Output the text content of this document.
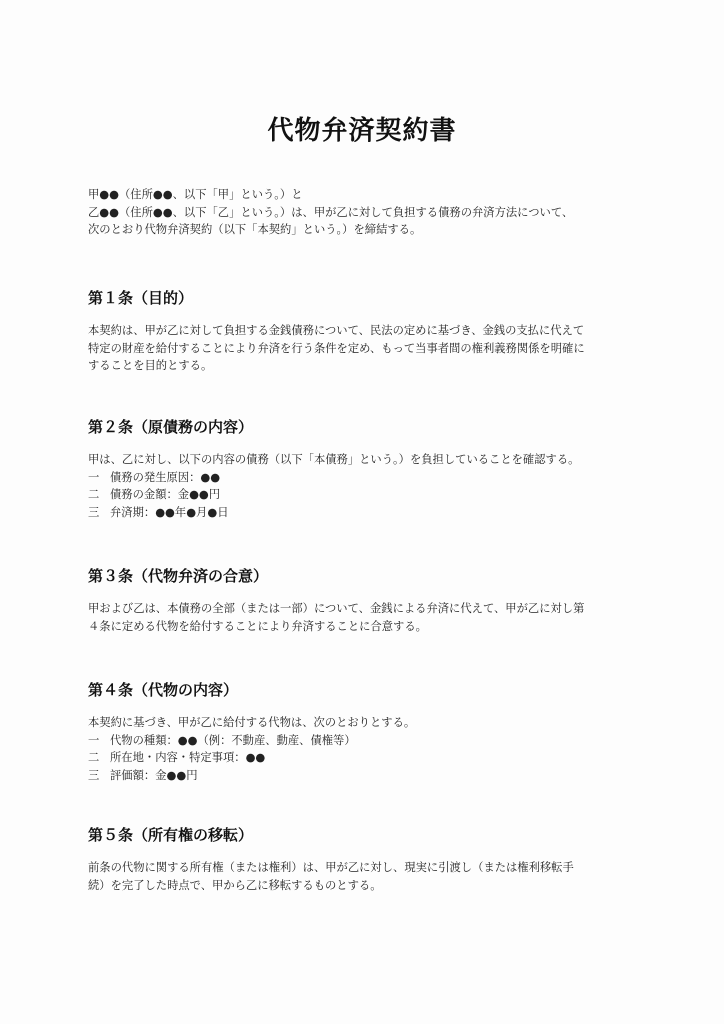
代物弁済契約書
甲●●（住所●●、以下「甲」という。）と
乙●●（住所●●、以下「乙」という。）は、甲が乙に対して負担する債務の弁済方法について、
次のとおり代物弁済契約（以下「本契約」という。）を締結する。
第１条（目的）
本契約は、甲が乙に対して負担する金銭債務について、民法の定めに基づき、金銭の支払に代えて
特定の財産を給付することにより弁済を行う条件を定め、もって当事者間の権利義務関係を明確に
することを目的とする。
第２条（原債務の内容）
甲は、乙に対し、以下の内容の債務（以下「本債務」という。）を負担していることを確認する。
一 債務の発生原因：●●
二 債務の金額：金●●円
三 弁済期：●●年●月●日
第３条（代物弁済の合意）
甲および乙は、本債務の全部（または一部）について、金銭による弁済に代えて、甲が乙に対し第
４条に定める代物を給付することにより弁済することに合意する。
第４条（代物の内容）
本契約に基づき、甲が乙に給付する代物は、次のとおりとする。
一 代物の種類：●●（例：不動産、動産、債権等）
二 所在地・内容・特定事項：●●
三 評価額：金●●円
第５条（所有権の移転）
前条の代物に関する所有権（または権利）は、甲が乙に対し、現実に引渡し（または権利移転手
続）を完了した時点で、甲から乙に移転するものとする。
